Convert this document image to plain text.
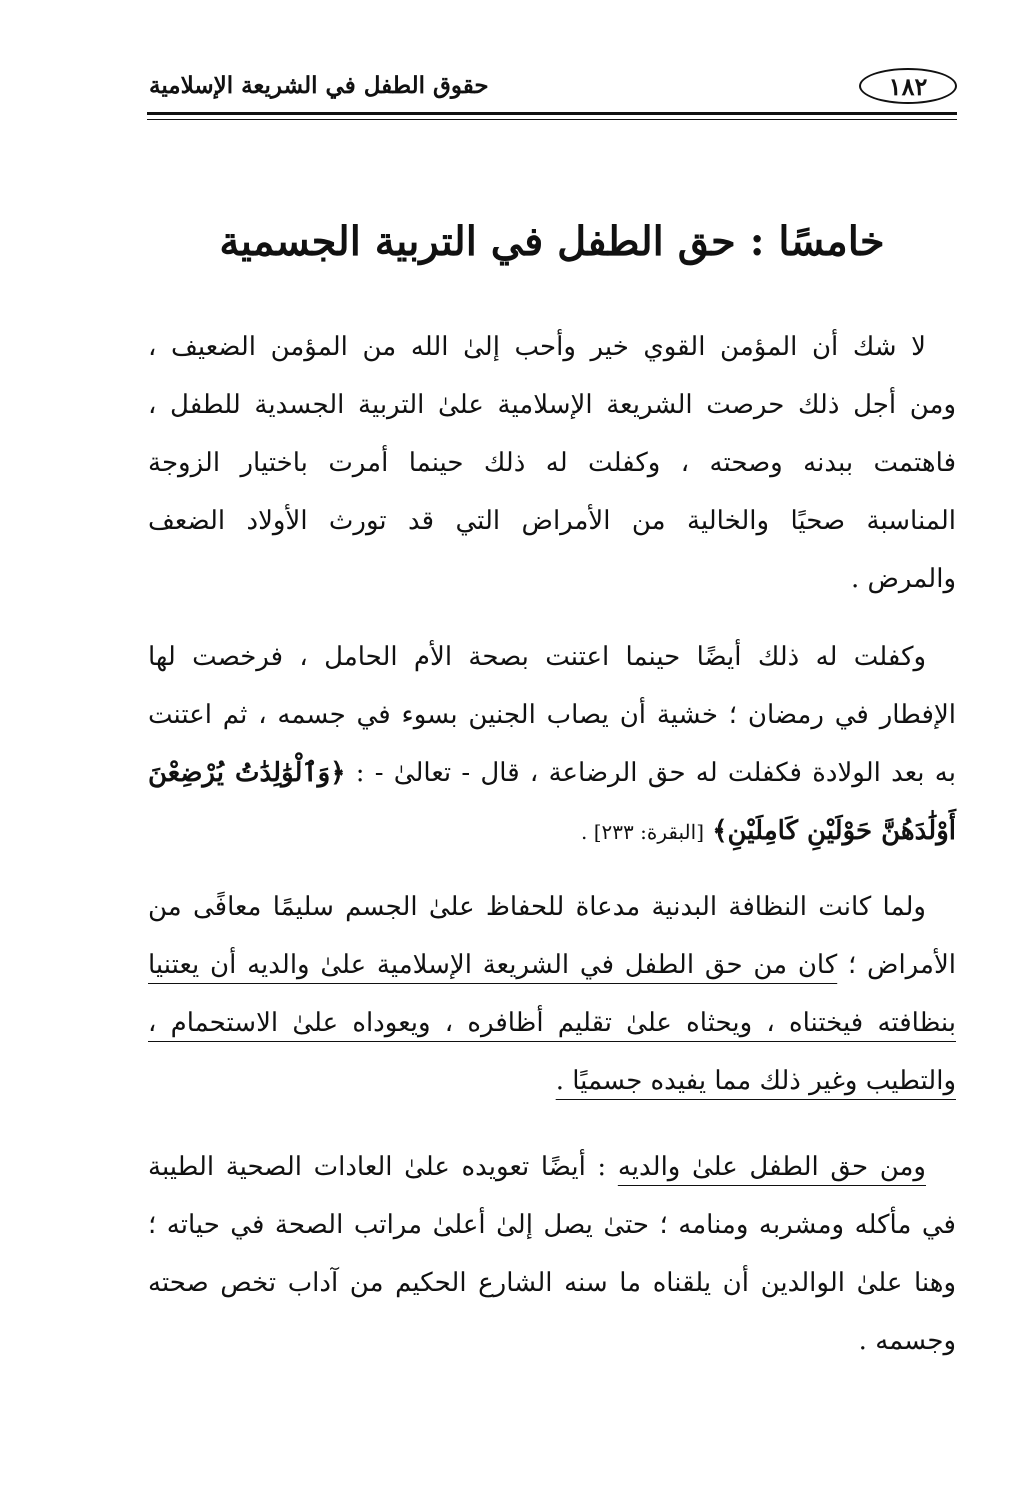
١٨٢
حقوق الطفل في الشريعة الإسلامية
خامسًا : حق الطفل في التربية الجسمية
لا شك أن المؤمن القوي خير وأحب إلىٰ الله من المؤمن الضعيف ،
ومن أجل ذلك حرصت الشريعة الإسلامية علىٰ التربية الجسدية للطفل ،
فاهتمت ببدنه وصحته ، وكفلت له ذلك حينما أمرت باختيار الزوجة
المناسبة صحيًا والخالية من الأمراض التي قد تورث الأولاد الضعف
والمرض .
وكفلت له ذلك أيضًا حينما اعتنت بصحة الأم الحامل ، فرخصت لها
الإفطار في رمضان ؛ خشية أن يصاب الجنين بسوء في جسمه ، ثم اعتنت
به بعد الولادة فكفلت له حق الرضاعة ، قال - تعالىٰ - : ﴿وَٱلْوَٰلِدَٰتُ يُرْضِعْنَ
أَوْلَٰدَهُنَّ حَوْلَيْنِ كَامِلَيْنِ﴾ [البقرة: ٢٣٣] .
ولما كانت النظافة البدنية مدعاة للحفاظ علىٰ الجسم سليمًا معافًى من
الأمراض ؛ كان من حق الطفل في الشريعة الإسلامية علىٰ والديه أن يعتنيا
بنظافته فيختناه ، ويحثاه علىٰ تقليم أظافره ، ويعوداه علىٰ الاستحمام ،
والتطيب وغير ذلك مما يفيده جسميًا .
ومن حق الطفل علىٰ والديه : أيضًا تعويده علىٰ العادات الصحية الطيبة
في مأكله ومشربه ومنامه ؛ حتىٰ يصل إلىٰ أعلىٰ مراتب الصحة في حياته ؛
وهنا علىٰ الوالدين أن يلقناه ما سنه الشارع الحكيم من آداب تخص صحته
وجسمه .
